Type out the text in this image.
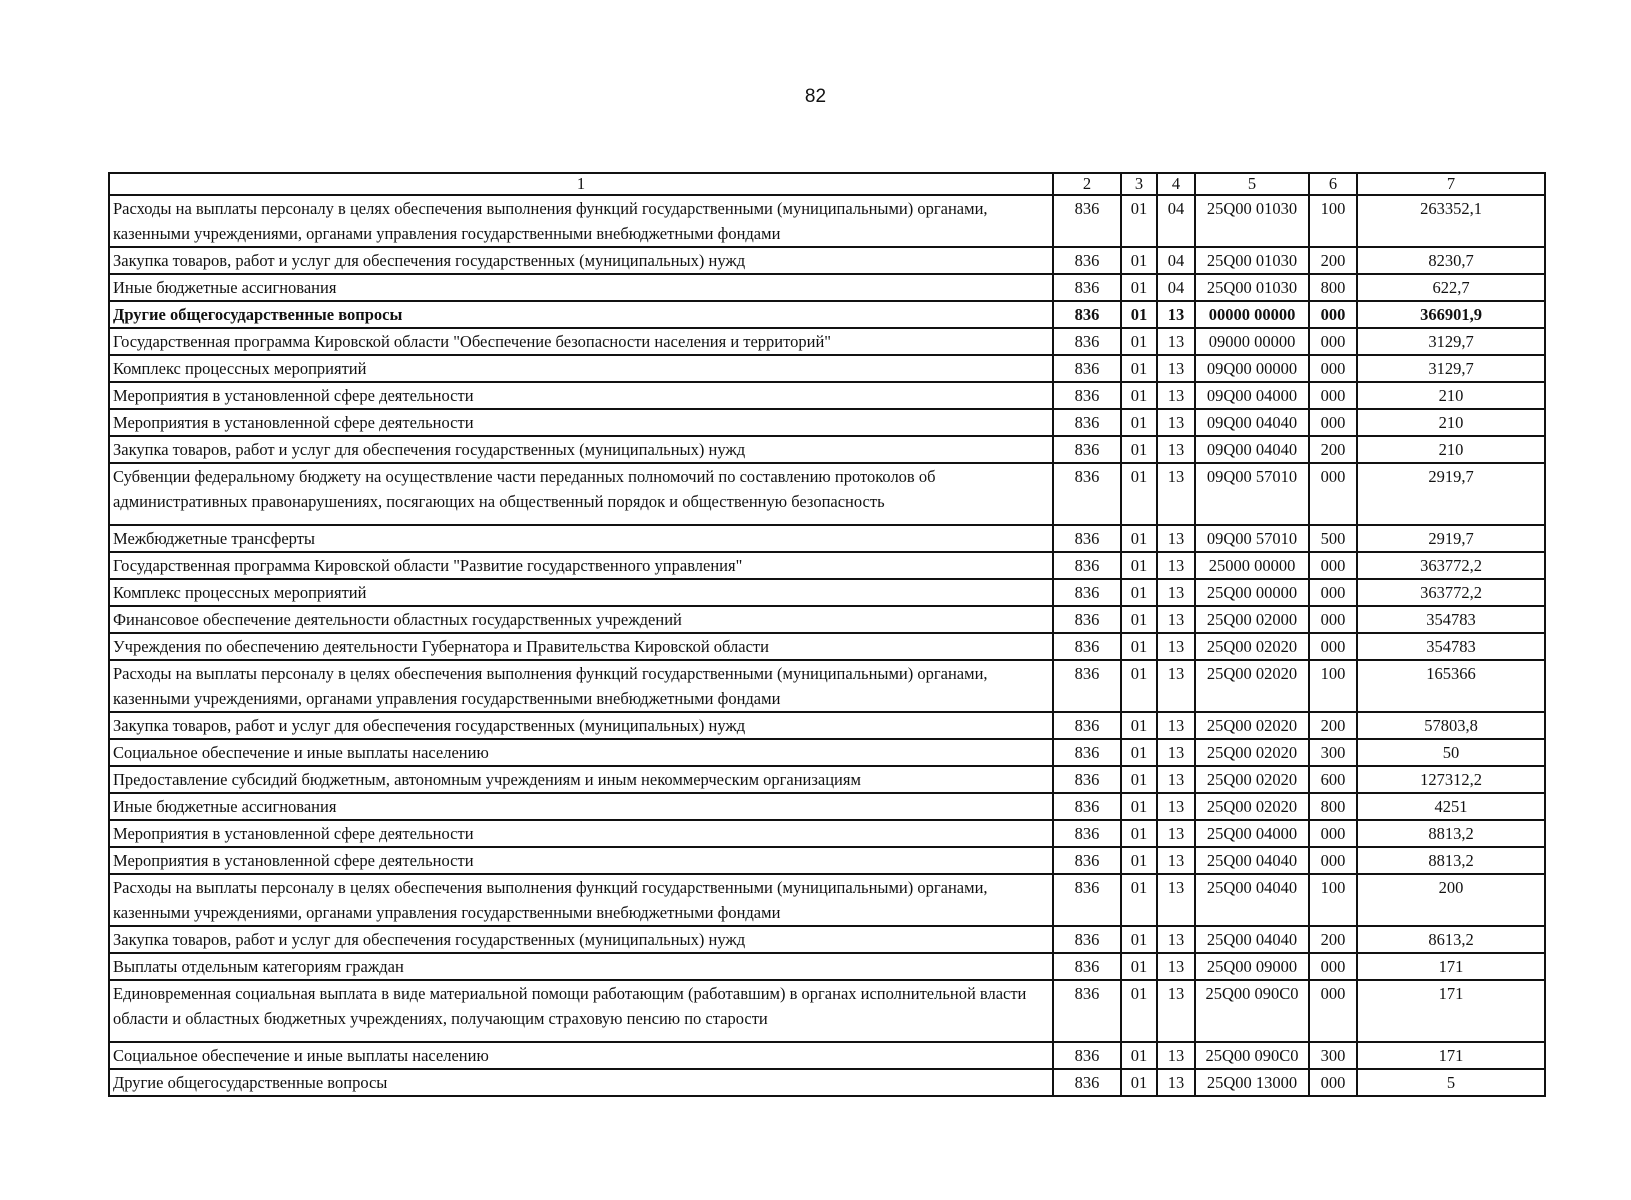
82
1	2	3	4	5	6	7
Расходы на выплаты персоналу в целях обеспечения выполнения функций государственными (муниципальными) органами, казенными учреждениями, органами управления государственными внебюджетными фондами	836	01	04	25Q00 01030	100	263352,1
Закупка товаров, работ и услуг для обеспечения государственных (муниципальных) нужд	836	01	04	25Q00 01030	200	8230,7
Иные бюджетные ассигнования	836	01	04	25Q00 01030	800	622,7
Другие общегосударственные вопросы	836	01	13	00000 00000	000	366901,9
Государственная программа Кировской области "Обеспечение безопасности населения и территорий"	836	01	13	09000 00000	000	3129,7
Комплекс процессных мероприятий	836	01	13	09Q00 00000	000	3129,7
Мероприятия в установленной сфере деятельности	836	01	13	09Q00 04000	000	210
Мероприятия в установленной сфере деятельности	836	01	13	09Q00 04040	000	210
Закупка товаров, работ и услуг для обеспечения государственных (муниципальных) нужд	836	01	13	09Q00 04040	200	210
Субвенции федеральному бюджету на осуществление части переданных полномочий по составлению протоколов об административных правонарушениях, посягающих на общественный порядок и общественную безопасность	836	01	13	09Q00 57010	000	2919,7
Межбюджетные трансферты	836	01	13	09Q00 57010	500	2919,7
Государственная программа Кировской области "Развитие государственного управления"	836	01	13	25000 00000	000	363772,2
Комплекс процессных мероприятий	836	01	13	25Q00 00000	000	363772,2
Финансовое обеспечение деятельности областных государственных учреждений	836	01	13	25Q00 02000	000	354783
Учреждения по обеспечению деятельности Губернатора и Правительства Кировской области	836	01	13	25Q00 02020	000	354783
Расходы на выплаты персоналу в целях обеспечения выполнения функций государственными (муниципальными) органами, казенными учреждениями, органами управления государственными внебюджетными фондами	836	01	13	25Q00 02020	100	165366
Закупка товаров, работ и услуг для обеспечения государственных (муниципальных) нужд	836	01	13	25Q00 02020	200	57803,8
Социальное обеспечение и иные выплаты населению	836	01	13	25Q00 02020	300	50
Предоставление субсидий бюджетным, автономным учреждениям и иным некоммерческим организациям	836	01	13	25Q00 02020	600	127312,2
Иные бюджетные ассигнования	836	01	13	25Q00 02020	800	4251
Мероприятия в установленной сфере деятельности	836	01	13	25Q00 04000	000	8813,2
Мероприятия в установленной сфере деятельности	836	01	13	25Q00 04040	000	8813,2
Расходы на выплаты персоналу в целях обеспечения выполнения функций государственными (муниципальными) органами, казенными учреждениями, органами управления государственными внебюджетными фондами	836	01	13	25Q00 04040	100	200
Закупка товаров, работ и услуг для обеспечения государственных (муниципальных) нужд	836	01	13	25Q00 04040	200	8613,2
Выплаты отдельным категориям граждан	836	01	13	25Q00 09000	000	171
Единовременная социальная выплата в виде материальной помощи работающим (работавшим) в органах исполнительной власти области и областных бюджетных учреждениях, получающим страховую пенсию по старости	836	01	13	25Q00 090C0	000	171
Социальное обеспечение и иные выплаты населению	836	01	13	25Q00 090C0	300	171
Другие общегосударственные вопросы	836	01	13	25Q00 13000	000	5
